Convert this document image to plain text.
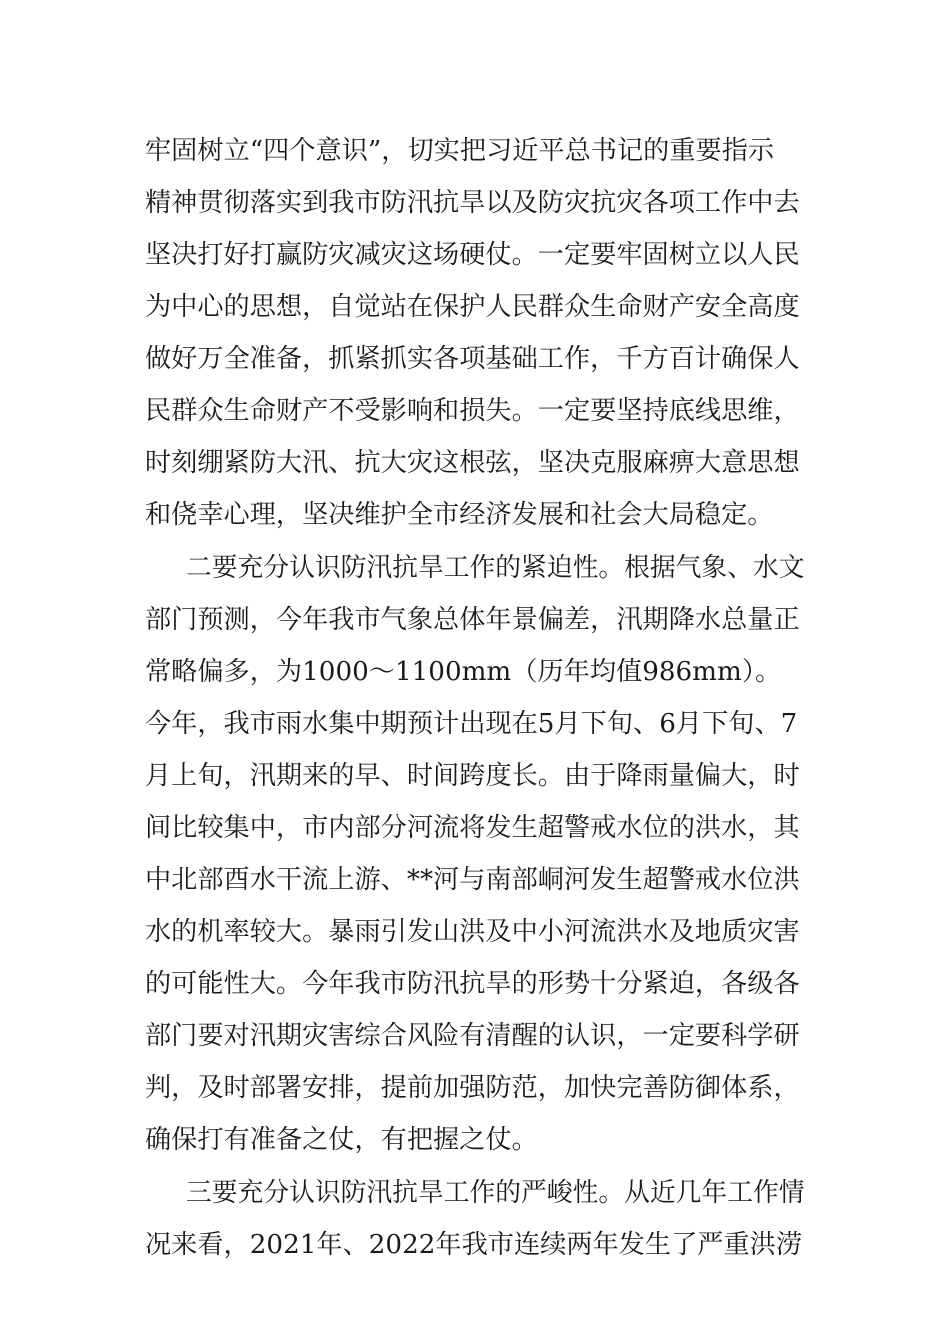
牢固树立“四个意识”，切实把习近平总书记的重要指示
精神贯彻落实到我市防汛抗旱以及防灾抗灾各项工作中去
坚决打好打赢防灾减灾这场硬仗。一定要牢固树立以人民
为中心的思想，自觉站在保护人民群众生命财产安全高度
做好万全准备，抓紧抓实各项基础工作，千方百计确保人
民群众生命财产不受影响和损失。一定要坚持底线思维，
时刻绷紧防大汛、抗大灾这根弦，坚决克服麻痹大意思想
和侥幸心理，坚决维护全市经济发展和社会大局稳定。
二要充分认识防汛抗旱工作的紧迫性。根据气象、水文
部门预测，今年我市气象总体年景偏差，汛期降水总量正
常略偏多，为1000～1100mm（历年均值986mm）。
今年，我市雨水集中期预计出现在5月下旬、6月下旬、7
月上旬，汛期来的早、时间跨度长。由于降雨量偏大，时
间比较集中，市内部分河流将发生超警戒水位的洪水，其
中北部酉水干流上游、**河与南部峒河发生超警戒水位洪
水的机率较大。暴雨引发山洪及中小河流洪水及地质灾害
的可能性大。今年我市防汛抗旱的形势十分紧迫，各级各
部门要对汛期灾害综合风险有清醒的认识，一定要科学研
判，及时部署安排，提前加强防范，加快完善防御体系，
确保打有准备之仗，有把握之仗。
三要充分认识防汛抗旱工作的严峻性。从近几年工作情
况来看，2021年、2022年我市连续两年发生了严重洪涝
